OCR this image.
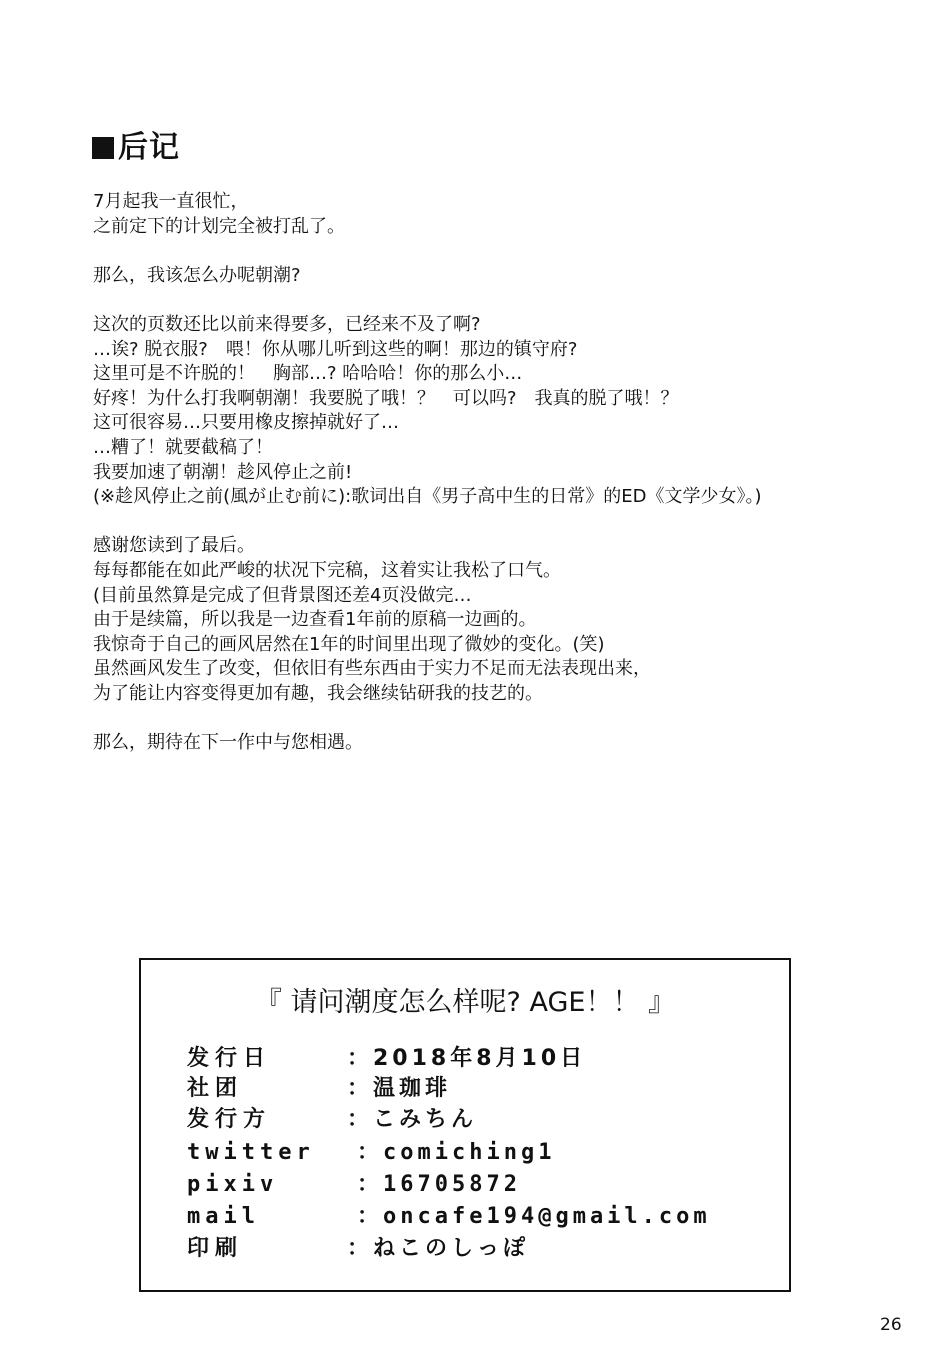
后记
7月起我一直很忙，
之前定下的计划完全被打乱了。
那么，我该怎么办呢朝潮?
这次的页数还比以前来得要多，已经来不及了啊?
…诶? 脱衣服?　喂！你从哪儿听到这些的啊！那边的镇守府?
这里可是不许脱的！　胸部…? 哈哈哈！你的那么小…
好疼！为什么打我啊朝潮！我要脱了哦！？　可以吗?　我真的脱了哦！？
这可很容易…只要用橡皮擦掉就好了…
…糟了！就要截稿了！
我要加速了朝潮！趁风停止之前!
(※趁风停止之前(風が止む前に):歌词出自《男子高中生的日常》的ED《文学少女》。)
感谢您读到了最后。
每每都能在如此严峻的状况下完稿，这着实让我松了口气。
(目前虽然算是完成了但背景图还差4页没做完…
由于是续篇，所以我是一边查看1年前的原稿一边画的。
我惊奇于自己的画风居然在1年的时间里出现了微妙的变化。(笑)
虽然画风发生了改变，但依旧有些东西由于实力不足而无法表现出来，
为了能让内容变得更加有趣，我会继续钻研我的技艺的。
那么，期待在下一作中与您相遇。
『 请问潮度怎么样呢? AGE！！ 』
发行日	：2018年8月10日
社团	：温珈琲
发行方	：こみちん
twitter ：comiching1
pixiv	：16705872
mail	：oncafe194@gmail.com
印刷	：ねこのしっぽ
26
